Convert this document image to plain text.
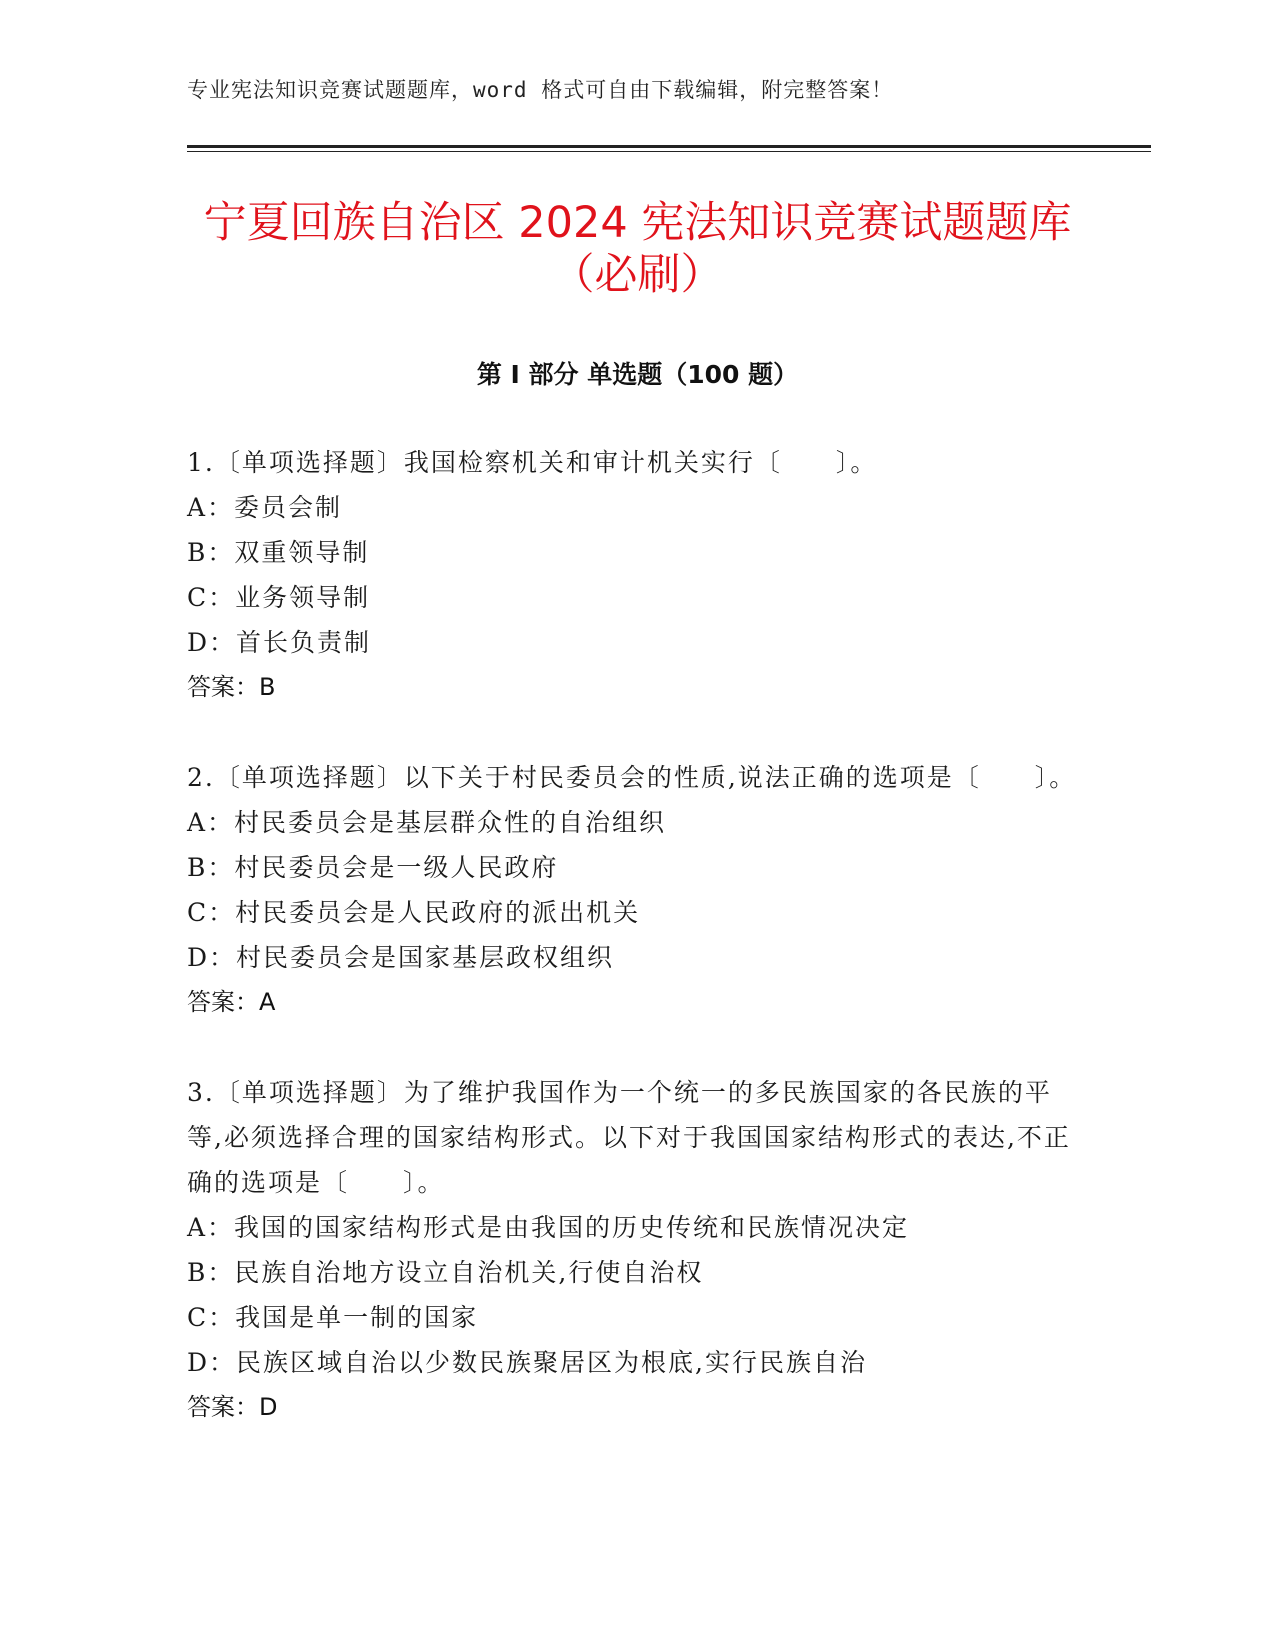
专业宪法知识竞赛试题题库，word 格式可自由下载编辑，附完整答案！
宁夏回族自治区 2024 宪法知识竞赛试题题库
（必刷）
第 I 部分 单选题（100 题）

1.〔单项选择题〕我国检察机关和审计机关实行〔　　〕。

A：委员会制
B：双重领导制
C：业务领导制
D：首长负责制
答案：B

2.〔单项选择题〕以下关于村民委员会的性质,说法正确的选项是〔　　〕。

A：村民委员会是基层群众性的自治组织
B：村民委员会是一级人民政府
C：村民委员会是人民政府的派出机关
D：村民委员会是国家基层政权组织
答案：A

3.〔单项选择题〕为了维护我国作为一个统一的多民族国家的各民族的平等,必须选择合理的国家结构形式。以下对于我国国家结构形式的表达,不正确的选项是〔　　〕。

A：我国的国家结构形式是由我国的历史传统和民族情况决定
B：民族自治地方设立自治机关,行使自治权
C：我国是单一制的国家
D：民族区域自治以少数民族聚居区为根底,实行民族自治
答案：D
